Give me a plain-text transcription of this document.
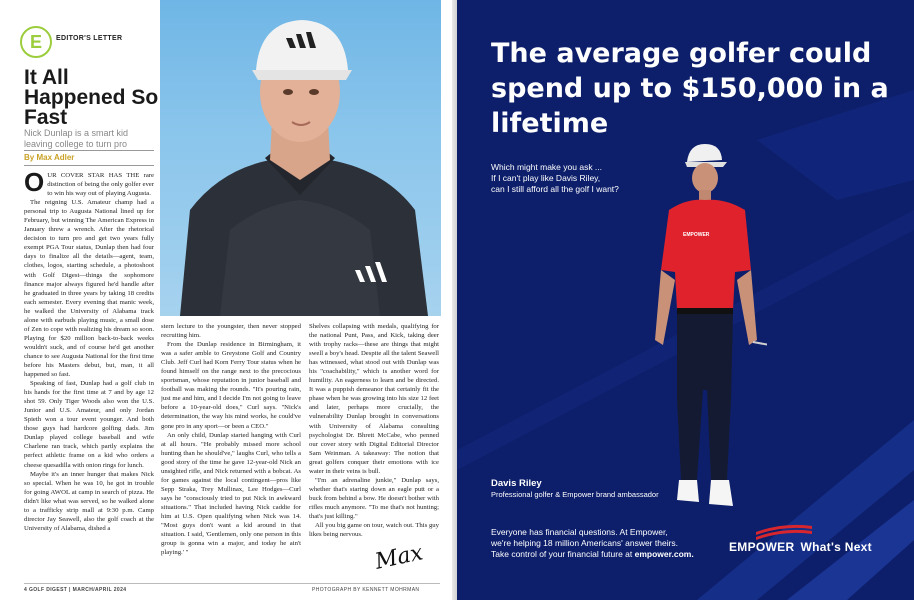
E EDITOR'S LETTER
It All Happened So Fast
Nick Dunlap is a smart kid leaving college to turn pro
By Max Adler

OUR COVER STAR HAS THE rare distinction of being the only golfer ever to win his way out of playing Augusta.

The reigning U.S. Amateur champ had a personal trip to Augusta National lined up for February, but winning The American Express in January threw a wrench. After the rhetorical decision to turn pro and get two years fully exempt PGA Tour status, Dunlap then had four days to finalize all the details—agent, team, clothes, logos, starting schedule, a photoshoot with Golf Digest—things the sophomore finance major always figured he'd handle after he graduated in three years by taking 18 credits each semester. Every evening that manic week, he walked the University of Alabama track alone with earbuds playing music, a small dose of Zen to cope with realizing his dream so soon. Playing for $20 million back-to-back weeks wouldn't suck, and of course he'd get another chance to see Augusta National for the first time before his Masters debut, but, man, it all happened so fast.

Speaking of fast, Dunlap had a golf club in his hands for the first time at 7 and by age 12 shot 59. Only Tiger Woods also won the U.S. Junior and U.S. Amateur, and only Jordan Spieth won a tour event younger. And both those guys had hardcore golfing dads. Jim Dunlap played college baseball and wife Charlene ran track, which partly explains the perfect athletic frame on a kid who orders a cheese quesadilla with onion rings for lunch.

Maybe it's an inner hunger that makes Nick so special. When he was 10, he got in trouble for going AWOL at camp in search of pizza. He didn't like what was served, so he walked alone to a trafficky strip mall at 9:30 p.m. Camp director Jay Seawell, also the golf coach at the University of Alabama, dished a

stern lecture to the youngster, then never stopped recruiting him.

From the Dunlap residence in Birmingham, it was a safer amble to Greystone Golf and Country Club. Jeff Curl had Korn Ferry Tour status when he found himself on the range next to the precocious sportsman, whose reputation in junior baseball and football was making the rounds. "It's pouring rain, just me and him, and I decide I'm not going to leave before a 10-year-old does," Curl says. "Nick's determination, the way his mind works, he could've gone pro in any sport—or been a CEO."

An only child, Dunlap started hanging with Curl at all hours. "He probably missed more school hunting than he should've," laughs Curl, who tells a good story of the time he gave 12-year-old Nick an unsighted rifle, and Nick returned with a bobcat. As for games against the local contingent—pros like Sepp Straka, Trey Mullinax, Lee Hodges—Curl says he "consciously tried to put Nick in awkward situations." That included having Nick caddie for him at U.S. Open qualifying when Nick was 14. "Most guys don't want a kid around in that situation. I said, 'Gentlemen, only one person in this group is gonna win a major, and today he ain't playing.' "

Shelves collapsing with medals, qualifying for the national Punt, Pass, and Kick, taking deer with trophy racks—these are things that might swell a boy's head. Despite all the talent Seawell has witnessed, what stood out with Dunlap was his "coachability," which is another word for humility. An eagerness to learn and be directed. It was a puppish demeanor that certainly fit the phase when he was growing into his size 12 feet and later, perhaps more crucially, the vulnerability Dunlap brought in conversations with University of Alabama consulting psychologist Dr. Bhrett McCabe, who penned our cover story with Digital Editorial Director Sam Weinman. A takeaway: The notion that great golfers conquer their emotions with ice water in their veins is bull.

"I'm an adrenaline junkie," Dunlap says, whether that's staring down an eagle putt or a buck from behind a bow. He doesn't bother with rifles much anymore. "To me that's not hunting; that's just killing."

All you big game on tour, watch out. This guy likes being nervous.

Max
4 GOLF DIGEST | MARCH/APRIL 2024	PHOTOGRAPH BY KENNETT MOHRMAN
The average golfer could spend up to $150,000 in a lifetime
Which might make you ask ...
If I can't play like Davis Riley,
can I still afford all the golf I want?
EMPOWER
Davis Riley
Professional golfer & Empower brand ambassador
Everyone has financial questions. At Empower,
we're helping 18 million Americans' answer theirs.
Take control of your financial future at empower.com.	EMPOWER What's Next
